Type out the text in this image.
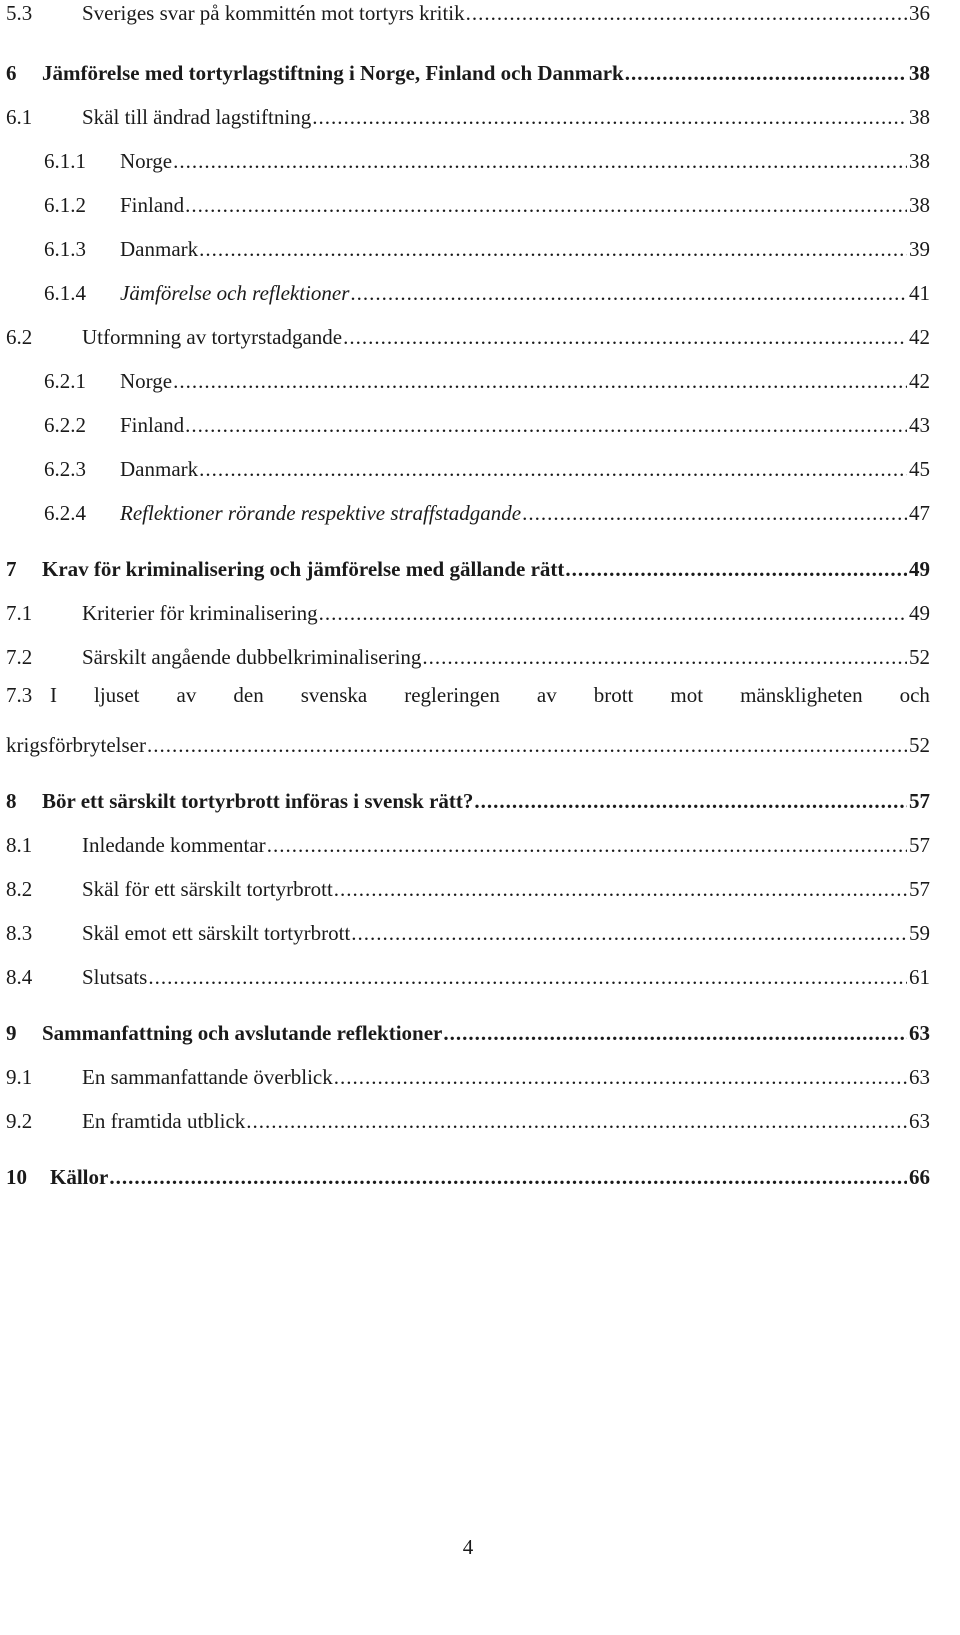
5.3	Sveriges svar på kommittén mot tortyrs kritik .....	36
6	Jämförelse med tortyrlagstiftning i Norge, Finland och Danmark .....	38
6.1	Skäl till ändrad lagstiftning .....	38
6.1.1	Norge .....	38
6.1.2	Finland .....	38
6.1.3	Danmark .....	39
6.1.4	Jämförelse och reflektioner .....	41
6.2	Utformning av tortyrstadgande .....	42
6.2.1	Norge .....	42
6.2.2	Finland .....	43
6.2.3	Danmark .....	45
6.2.4	Reflektioner rörande respektive straffstadgande .....	47
7	Krav för kriminalisering och jämförelse med gällande rätt .....	49
7.1	Kriterier för kriminalisering .....	49
7.2	Särskilt angående dubbelkriminalisering .....	52
7.3 I ljuset av den svenska regleringen av brott mot mänskligheten och
krigsförbrytelser .....	52
8	Bör ett särskilt tortyrbrott införas i svensk rätt? .....	57
8.1	Inledande kommentar .....	57
8.2	Skäl för ett särskilt tortyrbrott .....	57
8.3	Skäl emot ett särskilt tortyrbrott .....	59
8.4	Slutsats .....	61
9	Sammanfattning och avslutande reflektioner .....	63
9.1	En sammanfattande överblick .....	63
9.2	En framtida utblick .....	63
10	Källor .....	66
4
